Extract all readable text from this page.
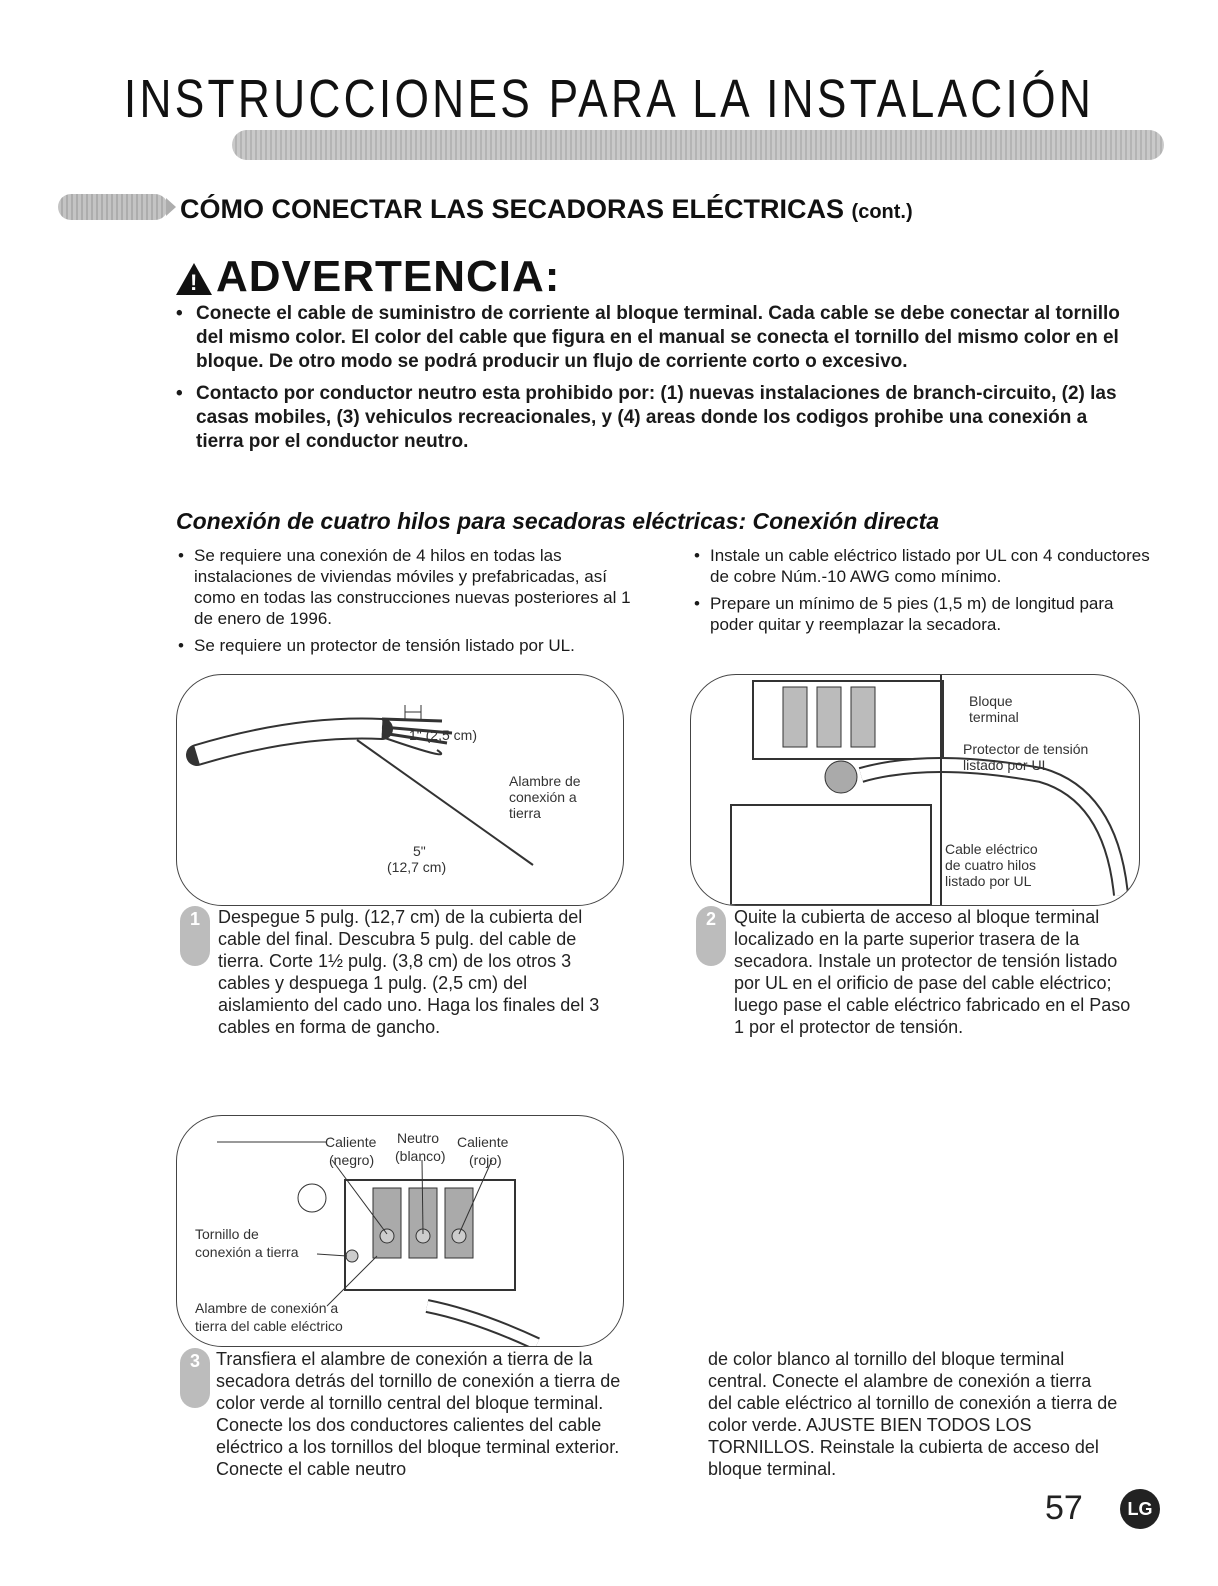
INSTRUCCIONES PARA LA INSTALACIÓN
CÓMO CONECTAR LAS SECADORAS ELÉCTRICAS (cont.)
!ADVERTENCIA:
• Conecte el cable de suministro de corriente al bloque terminal. Cada cable se debe conectar al tornillo del mismo color. El color del cable que figura en el manual se conecta el tornillo del mismo color en el bloque. De otro modo se podrá producir un flujo de corriente corto o excesivo.
• Contacto por conductor neutro esta prohibido por: (1) nuevas instalaciones de branch-circuito, (2) las casas mobiles, (3) vehiculos recreacionales, y (4) areas donde los codigos prohibe una conexión a tierra por el conductor neutro.
Conexión de cuatro hilos para secadoras eléctricas: Conexión directa
• Se requiere una conexión de 4 hilos en todas las instalaciones de viviendas móviles y prefabricadas, así como en todas las construcciones nuevas posteriores al 1 de enero de 1996.
• Se requiere un protector de tensión listado por UL.
• Instale un cable eléctrico listado por UL con 4 conductores de cobre Núm.-10 AWG como mínimo.
• Prepare un mínimo de 5 pies (1,5 m) de longitud para poder quitar y reemplazar la secadora.
1" (2,5 cm)
Alambre de
conexión a
tierra
5"
(12,7 cm)
Bloque
terminal
Protector de tensión
listado por UL
Cable eléctrico
de cuatro hilos
listado por UL
1	Despegue 5 pulg. (12,7 cm) de la cubierta del cable del final. Descubra 5 pulg. del cable de tierra. Corte 1½ pulg. (3,8 cm) de los otros 3 cables y despuega 1 pulg. (2,5 cm) del aislamiento del cado uno. Haga los finales del 3 cables en forma de gancho.
2	Quite la cubierta de acceso al bloque terminal localizado en la parte superior trasera de la secadora. Instale un protector de tensión listado por UL en el orificio de pase del cable eléctrico; luego pase el cable eléctrico fabricado en el Paso 1 por el protector de tensión.
Caliente
(negro)
Neutro
(blanco)
Caliente
(rojo)
Tornillo de
conexión a tierra
Alambre de conexión a
tierra del cable eléctrico
3 Transfiera el alambre de conexión a tierra de la secadora detrás del tornillo de conexión a tierra de color verde al tornillo central del bloque terminal. Conecte los dos conductores calientes del cable eléctrico a los tornillos del bloque terminal exterior. Conecte el cable neutro
de color blanco al tornillo del bloque terminal central. Conecte el alambre de conexión a tierra del cable eléctrico al tornillo de conexión a tierra de color verde. AJUSTE BIEN TODOS LOS TORNILLOS. Reinstale la cubierta de acceso del bloque terminal.
57	LG
